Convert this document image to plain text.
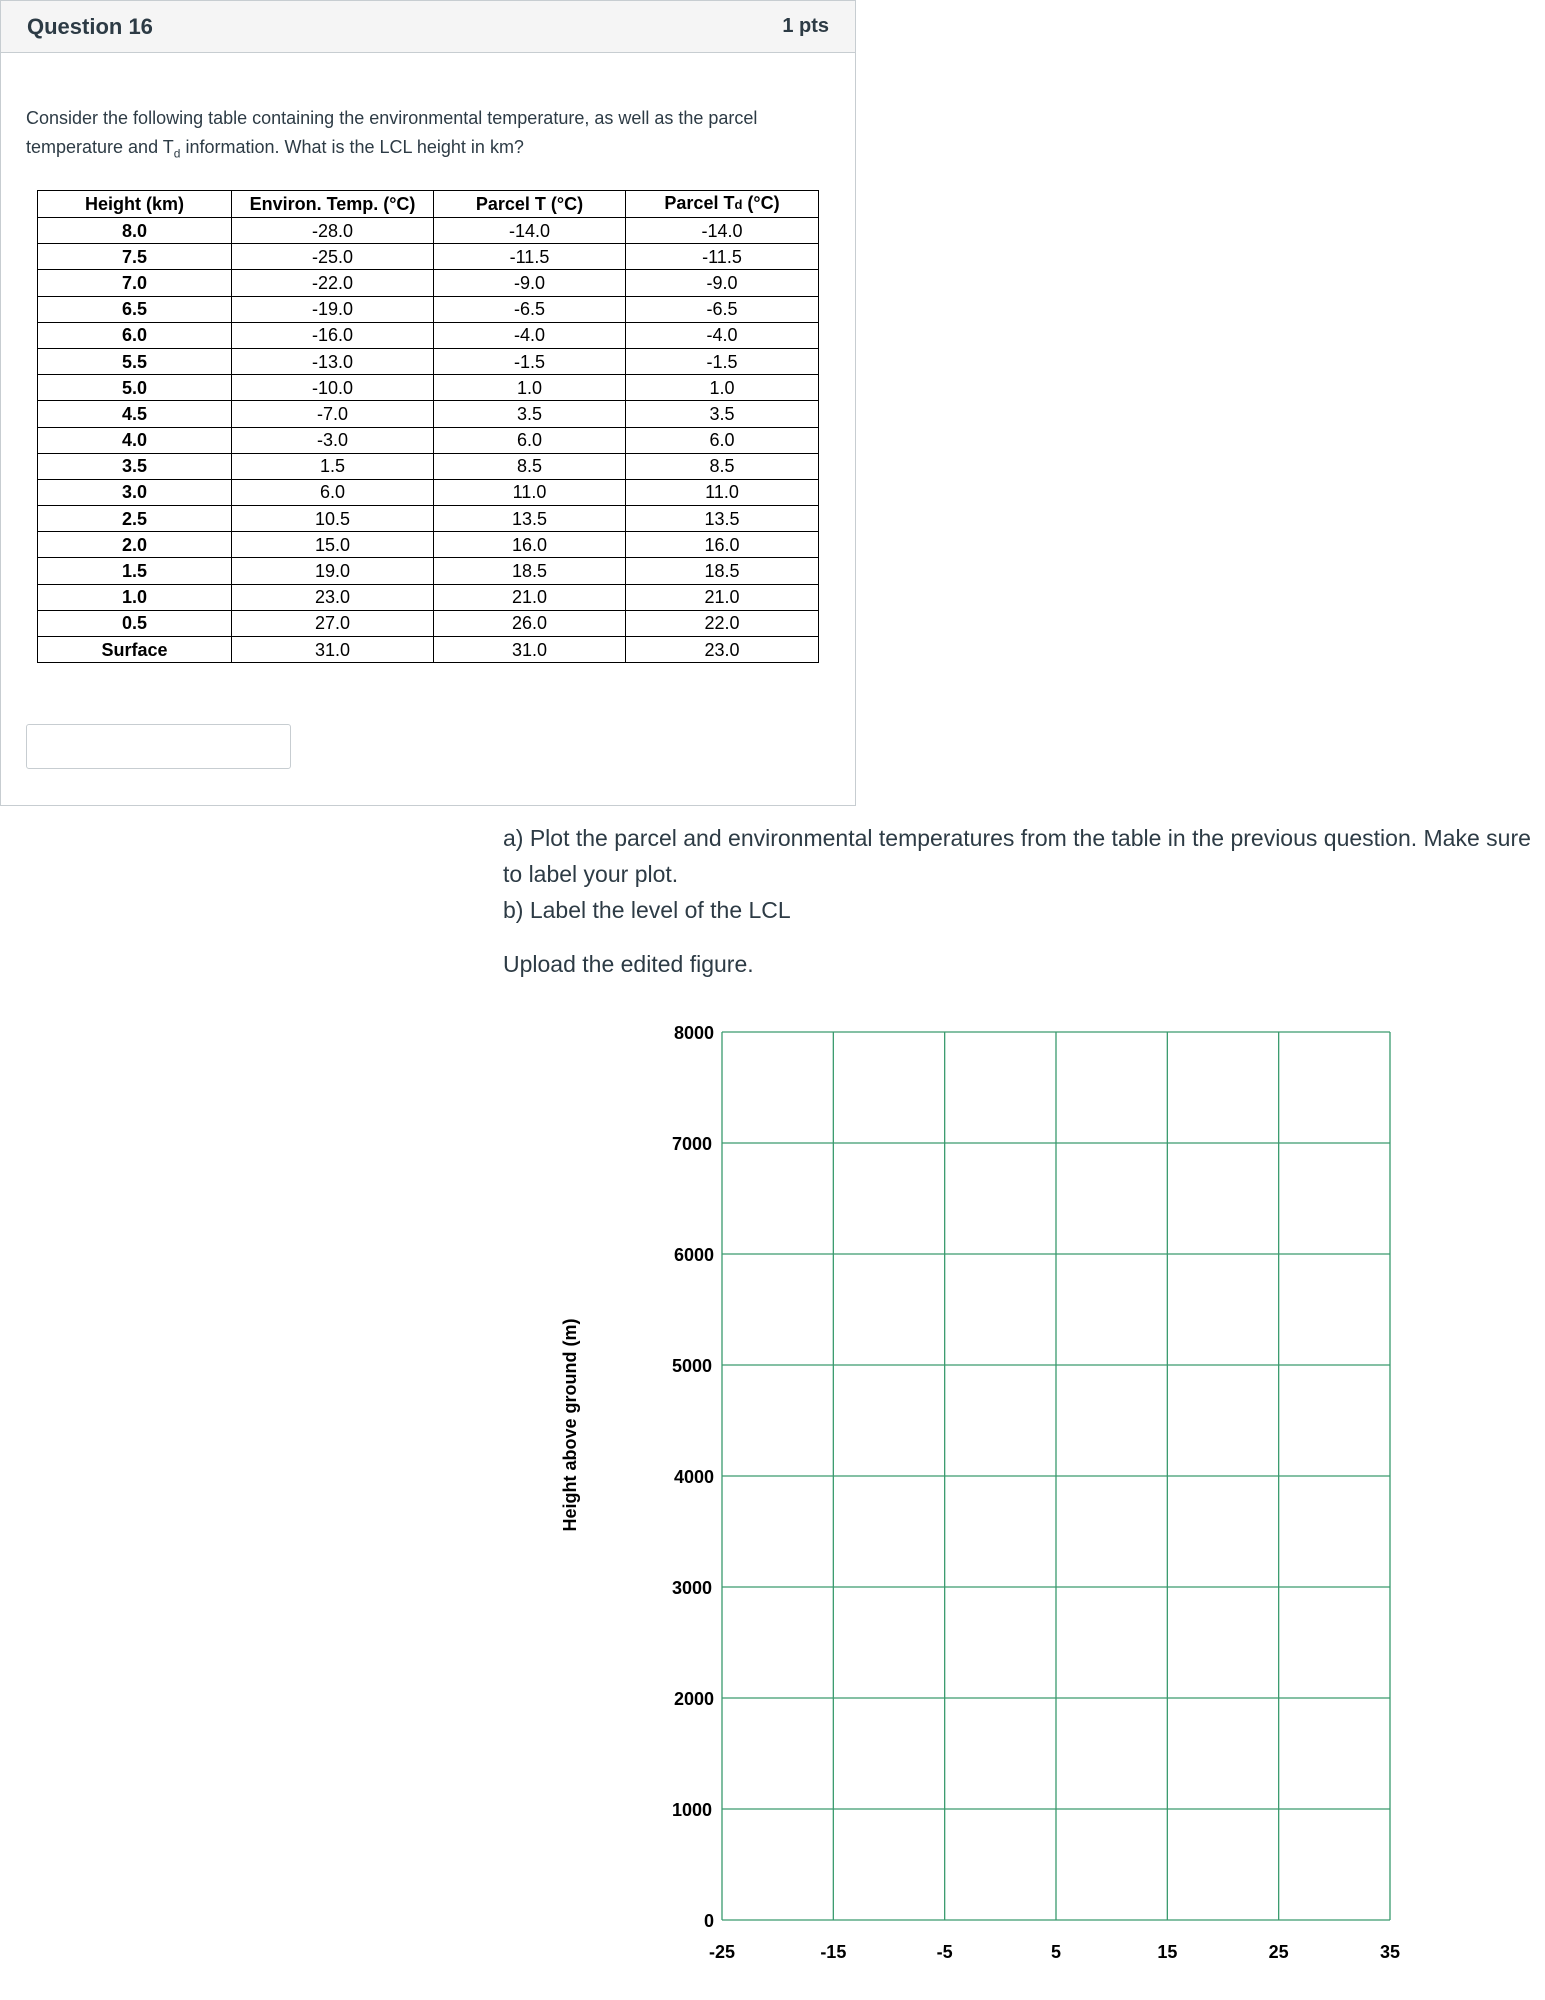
Question 16	1 pts
Consider the following table containing the environmental temperature, as well as the parcel temperature and $T_d$ information. What is the LCL height in km?
Height (km)	Environ. Temp. (°C)	Parcel T (°C)	Parcel Td (°C)
8.0	-28.0	-14.0	-14.0
7.5	-25.0	-11.5	-11.5
7.0	-22.0	-9.0	-9.0
6.5	-19.0	-6.5	-6.5
6.0	-16.0	-4.0	-4.0
5.5	-13.0	-1.5	-1.5
5.0	-10.0	1.0	1.0
4.5	-7.0	3.5	3.5
4.0	-3.0	6.0	6.0
3.5	1.5	8.5	8.5
3.0	6.0	11.0	11.0
2.5	10.5	13.5	13.5
2.0	15.0	16.0	16.0
1.5	19.0	18.5	18.5
1.0	23.0	21.0	21.0
0.5	27.0	26.0	22.0
Surface	31.0	31.0	23.0

a) Plot the parcel and environmental temperatures from the table in the previous question. Make sure to label your plot.

b) Label the level of the LCL

Upload the edited figure.

0
1000
2000
3000
4000
5000
6000
7000
8000
-25	-15	-5	5	15	25	35
Height above ground (m)
